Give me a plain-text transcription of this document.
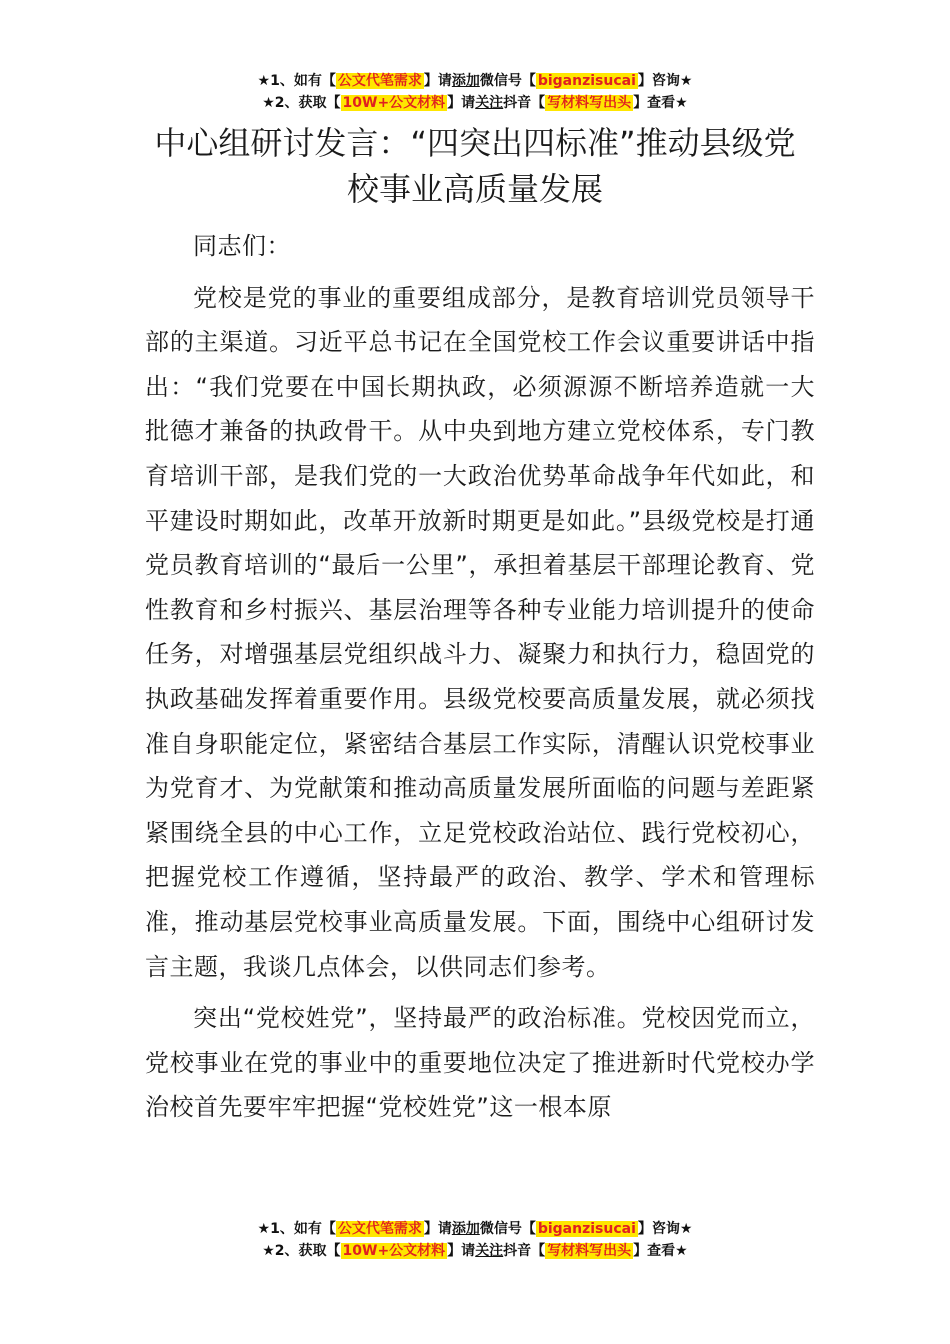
★1、如有【 公文代笔需求 】请添加微信号【 biganzisucai 】咨询★
★2、获取【 10W+公文材料 】请关注抖音【 写材料写出头 】查看★
中心组研讨发言：“四突出四标准”推动县级党校事业高质量发展

同志们：

党校是党的事业的重要组成部分，是教育培训党员领导干部的主渠道。习近平总书记在全国党校工作会议重要讲话中指出：“我们党要在中国长期执政，必须源源不断培养造就一大批德才兼备的执政骨干。从中央到地方建立党校体系，专门教育培训干部，是我们党的一大政治优势革命战争年代如此，和平建设时期如此，改革开放新时期更是如此。”县级党校是打通党员教育培训的“最后一公里”，承担着基层干部理论教育、党性教育和乡村振兴、基层治理等各种专业能力培训提升的使命任务，对增强基层党组织战斗力、凝聚力和执行力，稳固党的执政基础发挥着重要作用。县级党校要高质量发展，就必须找准自身职能定位，紧密结合基层工作实际，清醒认识党校事业为党育才、为党献策和推动高质量发展所面临的问题与差距紧紧围绕全县的中心工作，立足党校政治站位、践行党校初心，把握党校工作遵循，坚持最严的政治、教学、学术和管理标准，推动基层党校事业高质量发展。下面，围绕中心组研讨发言主题，我谈几点体会，以供同志们参考。

突出“党校姓党”，坚持最严的政治标准。党校因党而立，党校事业在党的事业中的重要地位决定了推进新时代党校办学治校首先要牢牢把握“党校姓党”这一根本原

★1、如有【 公文代笔需求 】请添加微信号【 biganzisucai 】咨询★
★2、获取【 10W+公文材料 】请关注抖音【 写材料写出头 】查看★
